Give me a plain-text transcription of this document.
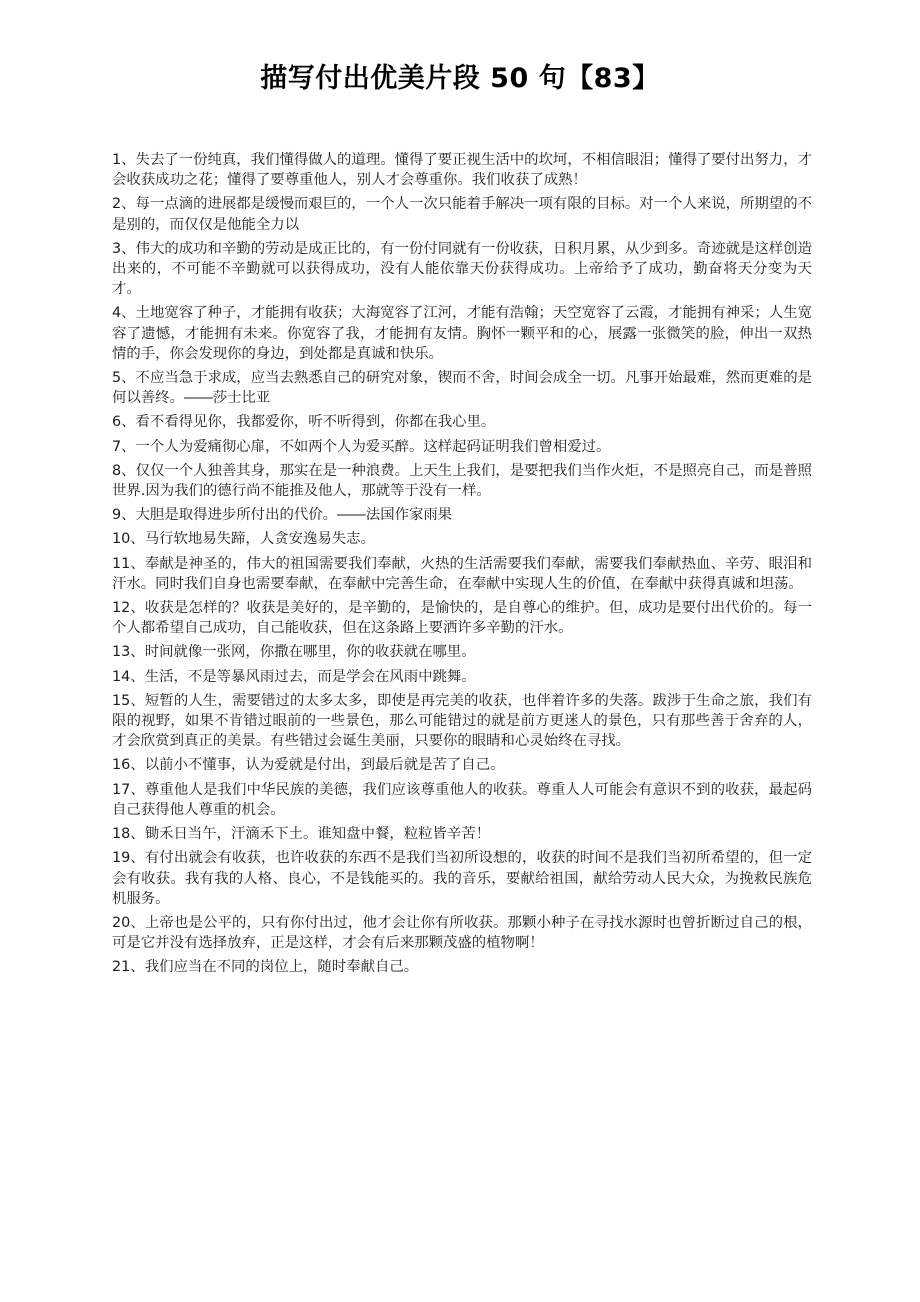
描写付出优美片段 50 句【83】

1、失去了一份纯真，我们懂得做人的道理。懂得了要正视生活中的坎坷，不相信眼泪；懂得了要付出努力，才会收获成功之花；懂得了要尊重他人，别人才会尊重你。我们收获了成熟！

2、每一点滴的进展都是缓慢而艰巨的，一个人一次只能着手解决一项有限的目标。对一个人来说，所期望的不是别的，而仅仅是他能全力以

3、伟大的成功和辛勤的劳动是成正比的，有一份付同就有一份收获，日积月累，从少到多。奇迹就是这样创造出来的，不可能不辛勤就可以获得成功，没有人能依靠天份获得成功。上帝给予了成功，勤奋将天分变为天才。

4、土地宽容了种子，才能拥有收获；大海宽容了江河，才能有浩翰；天空宽容了云霞，才能拥有神采；人生宽容了遗憾，才能拥有未来。你宽容了我，才能拥有友情。胸怀一颗平和的心，展露一张微笑的脸，伸出一双热情的手，你会发现你的身边，到处都是真诚和快乐。

5、不应当急于求成，应当去熟悉自己的研究对象，锲而不舍，时间会成全一切。凡事开始最难，然而更难的是何以善终。――莎士比亚

6、看不看得见你，我都爱你，听不听得到，你都在我心里。

7、一个人为爱痛彻心扉，不如两个人为爱买醉。这样起码证明我们曾相爱过。

8、仅仅一个人独善其身，那实在是一种浪费。上天生上我们，是要把我们当作火炬，不是照亮自己，而是普照世界.因为我们的德行尚不能推及他人，那就等于没有一样。

9、大胆是取得进步所付出的代价。――法国作家雨果

10、马行软地易失蹄，人贪安逸易失志。

11、奉献是神圣的，伟大的祖国需要我们奉献，火热的生活需要我们奉献，需要我们奉献热血、辛劳、眼泪和汗水。同时我们自身也需要奉献，在奉献中完善生命，在奉献中实现人生的价值，在奉献中获得真诚和坦荡。

12、收获是怎样的？收获是美好的，是辛勤的，是愉快的，是自尊心的维护。但，成功是要付出代价的。每一个人都希望自己成功，自己能收获，但在这条路上要洒许多辛勤的汗水。

13、时间就像一张网，你撒在哪里，你的收获就在哪里。

14、生活，不是等暴风雨过去，而是学会在风雨中跳舞。

15、短暂的人生，需要错过的太多太多，即使是再完美的收获，也伴着许多的失落。跋涉于生命之旅，我们有限的视野，如果不肯错过眼前的一些景色，那么可能错过的就是前方更迷人的景色，只有那些善于舍弃的人，才会欣赏到真正的美景。有些错过会诞生美丽，只要你的眼睛和心灵始终在寻找。

16、以前小不懂事，认为爱就是付出，到最后就是苦了自己。

17、尊重他人是我们中华民族的美德，我们应该尊重他人的收获。尊重人人可能会有意识不到的收获，最起码自己获得他人尊重的机会。

18、锄禾日当午，汗滴禾下土。谁知盘中餐，粒粒皆辛苦！

19、有付出就会有收获，也许收获的东西不是我们当初所设想的，收获的时间不是我们当初所希望的，但一定会有收获。我有我的人格、良心，不是钱能买的。我的音乐，要献给祖国，献给劳动人民大众，为挽救民族危机服务。

20、上帝也是公平的，只有你付出过，他才会让你有所收获。那颗小种子在寻找水源时也曾折断过自己的根，可是它并没有选择放弃，正是这样，才会有后来那颗茂盛的植物啊！

21、我们应当在不同的岗位上，随时奉献自己。
